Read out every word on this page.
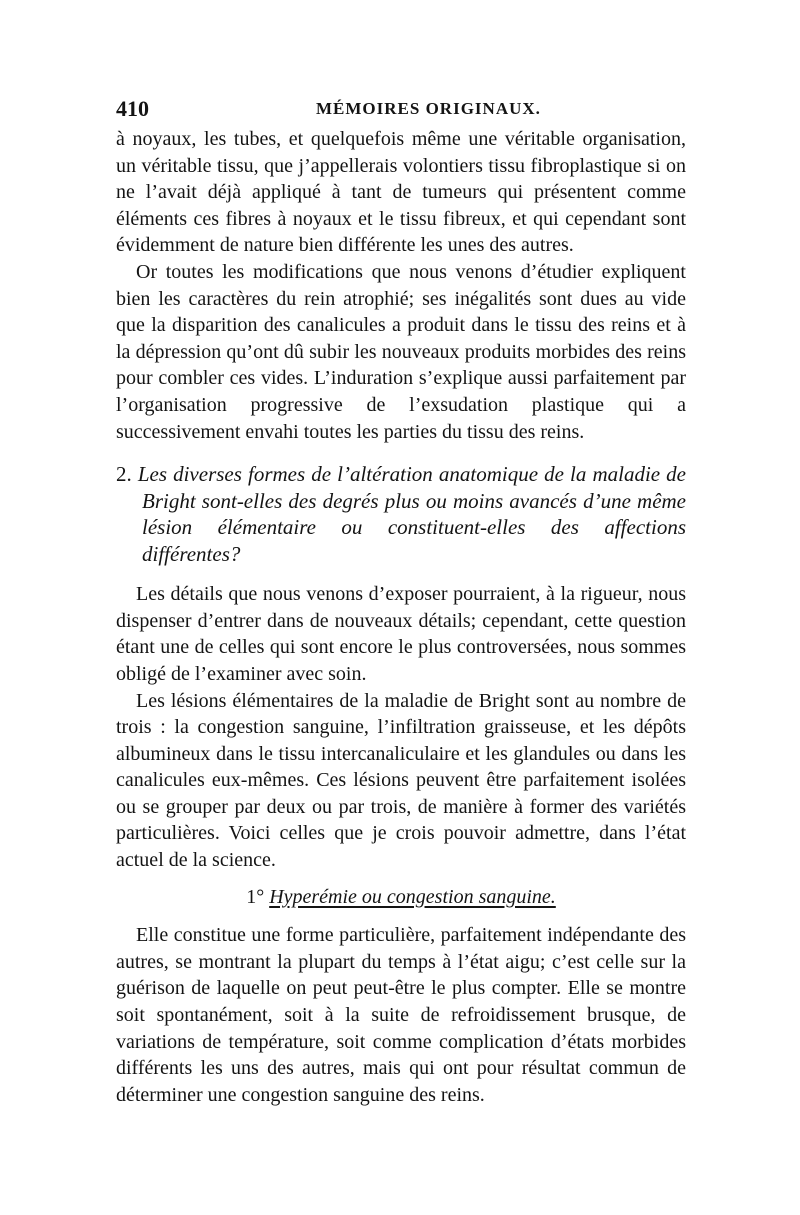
410	MÉMOIRES ORIGINAUX.

à noyaux, les tubes, et quelquefois même une véritable organisation, un véritable tissu, que j’appellerais volontiers tissu fibroplastique si on ne l’avait déjà appliqué à tant de tumeurs qui présentent comme éléments ces fibres à noyaux et le tissu fibreux, et qui cependant sont évidemment de nature bien différente les unes des autres.

Or toutes les modifications que nous venons d’étudier expliquent bien les caractères du rein atrophié; ses inégalités sont dues au vide que la disparition des canalicules a produit dans le tissu des reins et à la dépression qu’ont dû subir les nouveaux produits morbides des reins pour combler ces vides. L’induration s’explique aussi parfaitement par l’organisation progressive de l’exsudation plastique qui a successivement envahi toutes les parties du tissu des reins.

2. Les diverses formes de l’altération anatomique de la maladie de Bright sont-elles des degrés plus ou moins avancés d’une même lésion élémentaire ou constituent-elles des affections différentes?

Les détails que nous venons d’exposer pourraient, à la rigueur, nous dispenser d’entrer dans de nouveaux détails; cependant, cette question étant une de celles qui sont encore le plus controversées, nous sommes obligé de l’examiner avec soin.

Les lésions élémentaires de la maladie de Bright sont au nombre de trois : la congestion sanguine, l’infiltration graisseuse, et les dépôts albumineux dans le tissu intercanaliculaire et les glandules ou dans les canalicules eux-mêmes. Ces lésions peuvent être parfaitement isolées ou se grouper par deux ou par trois, de manière à former des variétés particulières. Voici celles que je crois pouvoir admettre, dans l’état actuel de la science.

1° Hyperémie ou congestion sanguine.

Elle constitue une forme particulière, parfaitement indépendante des autres, se montrant la plupart du temps à l’état aigu; c’est celle sur la guérison de laquelle on peut peut-être le plus compter. Elle se montre soit spontanément, soit à la suite de refroidissement brusque, de variations de température, soit comme complication d’états morbides différents les uns des autres, mais qui ont pour résultat commun de déterminer une congestion sanguine des reins.
